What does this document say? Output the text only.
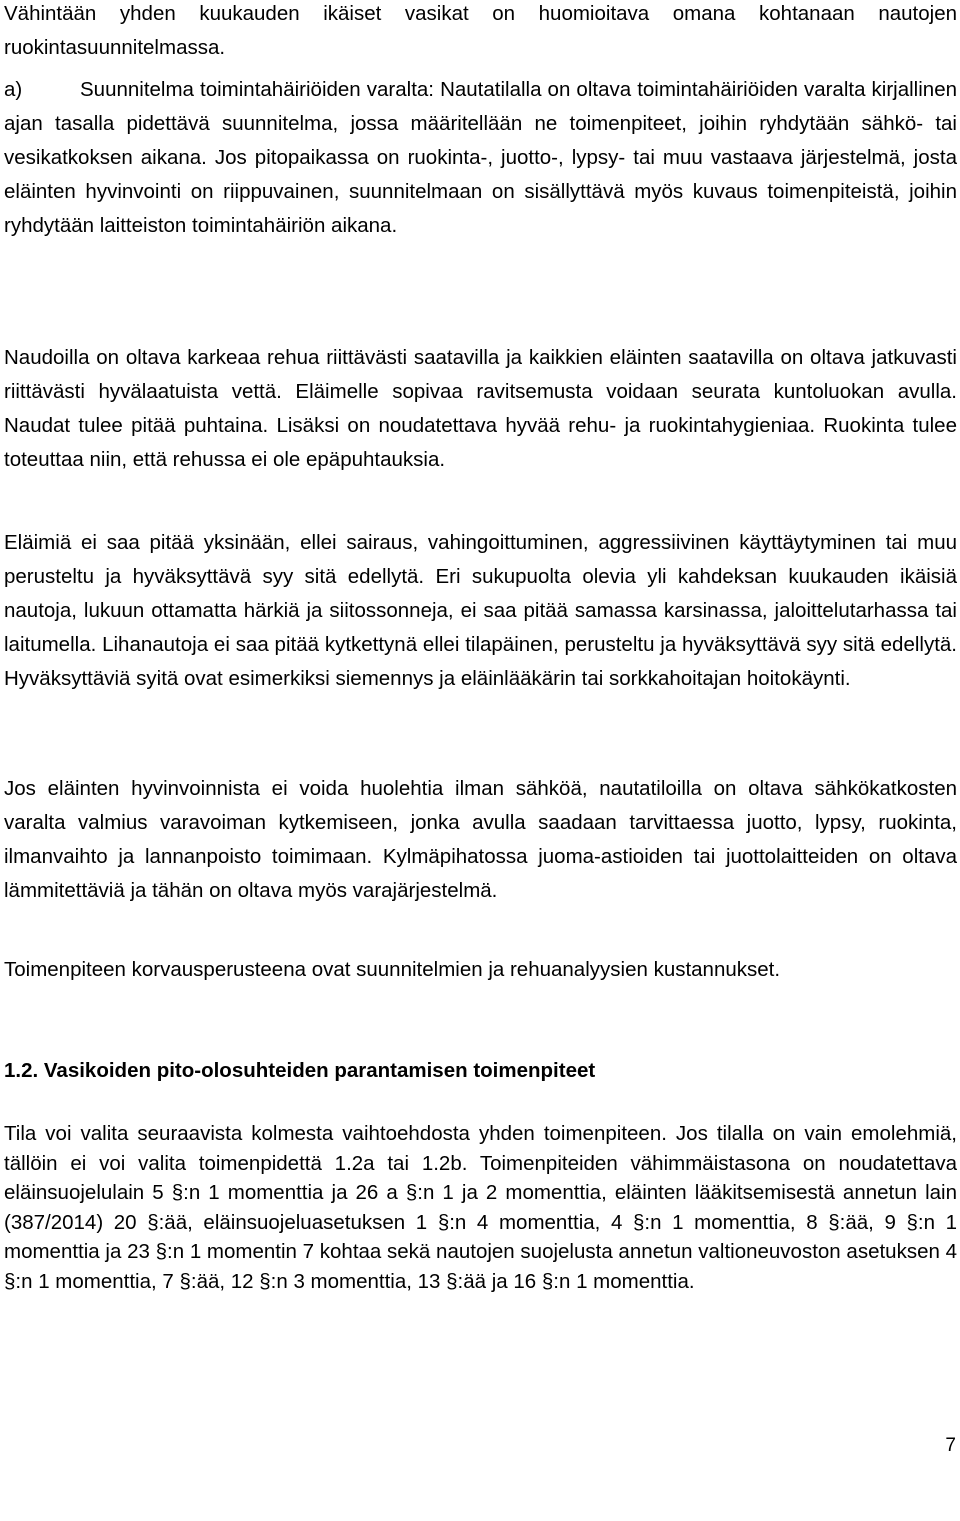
Vähintään yhden kuukauden ikäiset vasikat on huomioitava omana kohtanaan nautojen ruokintasuunnitelmassa.

a)	Suunnitelma toimintahäiriöiden varalta: Nautatilalla on oltava toimintahäiriöiden varalta kirjallinen ajan tasalla pidettävä suunnitelma, jossa määritellään ne toimenpiteet, joihin ryhdytään sähkö- tai vesikatkoksen aikana. Jos pitopaikassa on ruokinta-, juotto-, lypsy- tai muu vastaava järjestelmä, josta eläinten hyvinvointi on riippuvainen, suunnitelmaan on sisällyttävä myös kuvaus toimenpiteistä, joihin ryhdytään laitteiston toimintahäiriön aikana.

Naudoilla on oltava karkeaa rehua riittävästi saatavilla ja kaikkien eläinten saatavilla on oltava jatkuvasti riittävästi hyvälaatuista vettä. Eläimelle sopivaa ravitsemusta voidaan seurata kuntoluokan avulla. Naudat tulee pitää puhtaina. Lisäksi on noudatettava hyvää rehu- ja ruokintahygieniaa. Ruokinta tulee toteuttaa niin, että rehussa ei ole epäpuhtauksia.

Eläimiä ei saa pitää yksinään, ellei sairaus, vahingoittuminen, aggressiivinen käyttäytyminen tai muu perusteltu ja hyväksyttävä syy sitä edellytä. Eri sukupuolta olevia yli kahdeksan kuukauden ikäisiä nautoja, lukuun ottamatta härkiä ja siitossonneja, ei saa pitää samassa karsinassa, jaloittelutarhassa tai laitumella. Lihanautoja ei saa pitää kytkettynä ellei tilapäinen, perusteltu ja hyväksyttävä syy sitä edellytä. Hyväksyttäviä syitä ovat esimerkiksi siemennys ja eläinlääkärin tai sorkkahoitajan hoitokäynti.

Jos eläinten hyvinvoinnista ei voida huolehtia ilman sähköä, nautatiloilla on oltava sähkökatkosten varalta valmius varavoiman kytkemiseen, jonka avulla saadaan tarvittaessa juotto, lypsy, ruokinta, ilmanvaihto ja lannanpoisto toimimaan. Kylmäpihatossa juoma-astioiden tai juottolaitteiden on oltava lämmitettäviä ja tähän on oltava myös varajärjestelmä.

Toimenpiteen korvausperusteena ovat suunnitelmien ja rehuanalyysien kustannukset.

1.2. Vasikoiden pito-olosuhteiden parantamisen toimenpiteet

Tila voi valita seuraavista kolmesta vaihtoehdosta yhden toimenpiteen. Jos tilalla on vain emolehmiä, tällöin ei voi valita toimenpidettä 1.2a tai 1.2b. Toimenpiteiden vähimmäistasona on noudatettava eläinsuojelulain 5 §:n 1 momenttia ja 26 a §:n 1 ja 2 momenttia, eläinten lääkitsemisestä annetun lain (387/2014) 20 §:ää, eläinsuojeluasetuksen 1 §:n 4 momenttia, 4 §:n 1 momenttia, 8 §:ää, 9 §:n 1 momenttia ja 23 §:n 1 momentin 7 kohtaa sekä nautojen suojelusta annetun valtioneuvoston asetuksen 4 §:n 1 momenttia, 7 §:ää, 12 §:n 3 momenttia, 13 §:ää ja 16 §:n 1 momenttia.

7
